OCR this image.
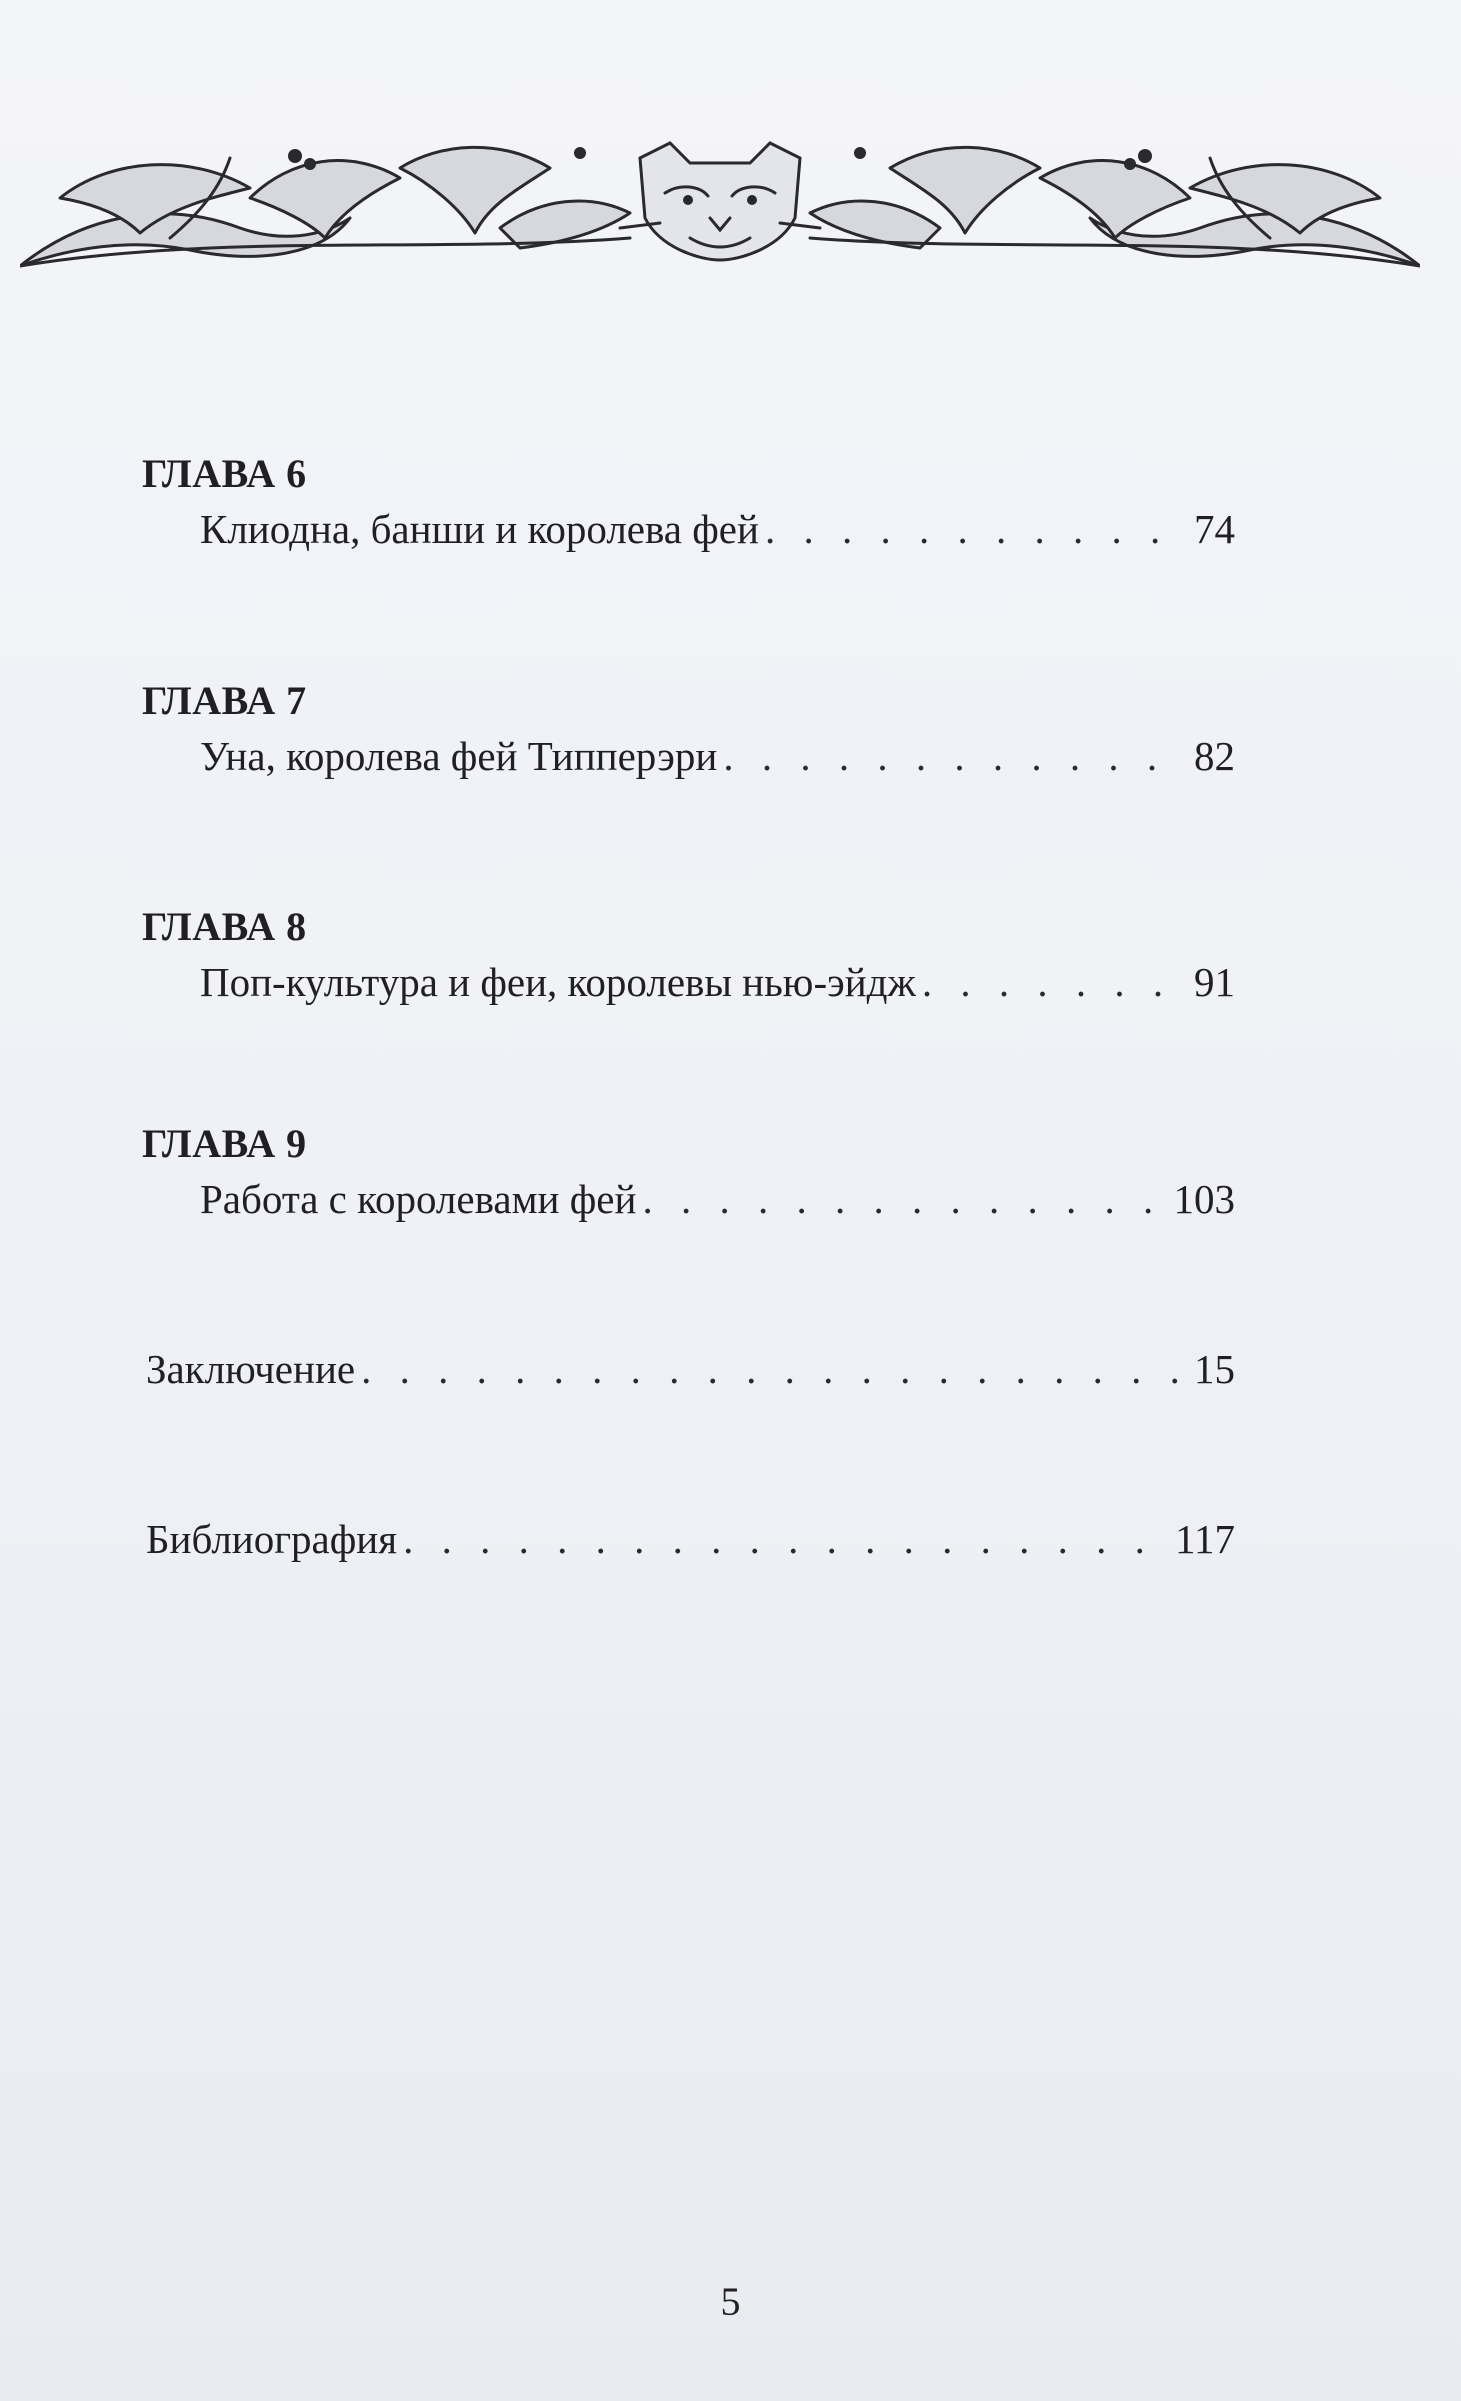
ГЛАВА 6
Клиодна, банши и королева фей . . .	74
ГЛАВА 7
Уна, королева фей Типперэри . . .	82
ГЛАВА 8
Поп-культура и феи, королевы нью-эйдж . . .	91
ГЛАВА 9
Работа с королевами фей . . .	103
Заключение . . .	15
Библиография . . .	117
5
